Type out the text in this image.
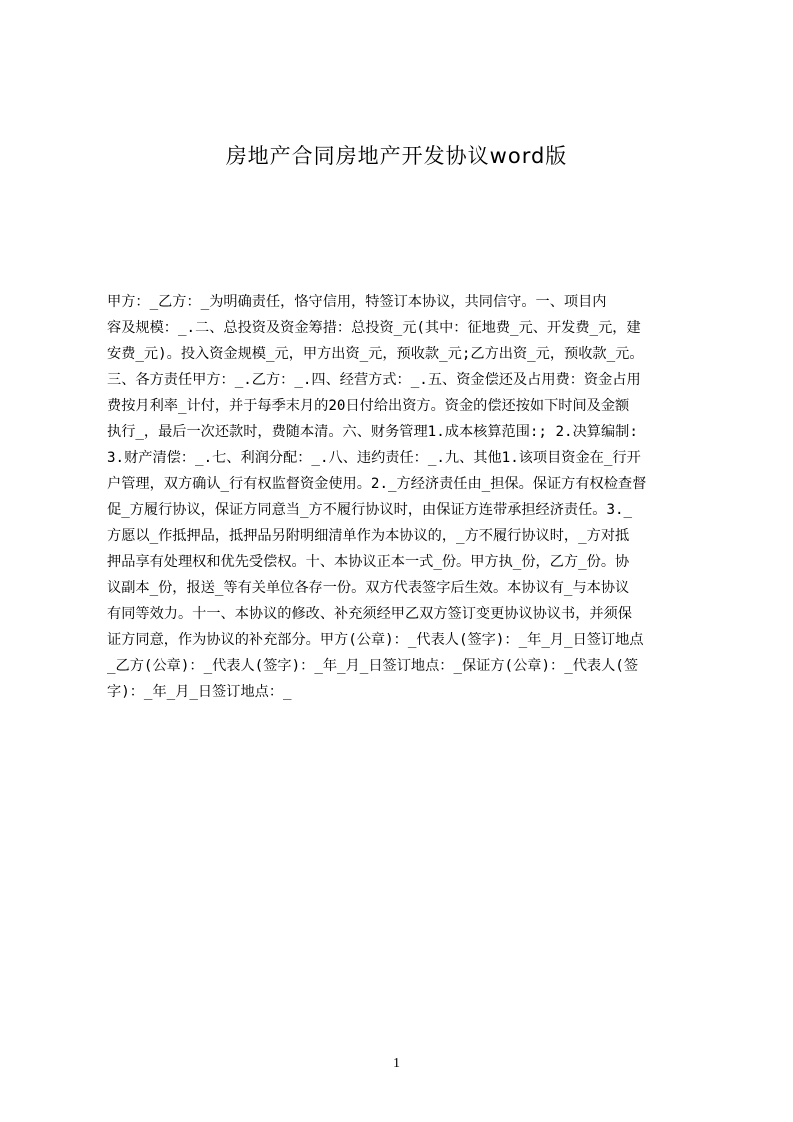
房地产合同房地产开发协议word版
甲方：_乙方：_为明确责任，恪守信用，特签订本协议，共同信守。一、项目内
容及规模：_.二、总投资及资金筹措：总投资_元(其中：征地费_元、开发费_元，建
安费_元)。投入资金规模_元，甲方出资_元，预收款_元;乙方出资_元，预收款_元。
三、各方责任甲方：_.乙方：_.四、经营方式：_.五、资金偿还及占用费：资金占用
费按月利率_计付，并于每季末月的20日付给出资方。资金的偿还按如下时间及金额
执行_，最后一次还款时，费随本清。六、财务管理1.成本核算范围:; 2.决算编制:
3.财产清偿：_.七、利润分配：_.八、违约责任：_.九、其他1.该项目资金在_行开
户管理，双方确认_行有权监督资金使用。2._方经济责任由_担保。保证方有权检查督
促_方履行协议，保证方同意当_方不履行协议时，由保证方连带承担经济责任。3._
方愿以_作抵押品，抵押品另附明细清单作为本协议的，_方不履行协议时，_方对抵
押品享有处理权和优先受偿权。十、本协议正本一式_份。甲方执_份，乙方_份。协
议副本_份，报送_等有关单位各存一份。双方代表签字后生效。本协议有_与本协议
有同等效力。十一、本协议的修改、补充须经甲乙双方签订变更协议协议书，并须保
证方同意，作为协议的补充部分。甲方(公章)：_代表人(签字)：_年_月_日签订地点
_乙方(公章)：_代表人(签字)：_年_月_日签订地点：_保证方(公章)：_代表人(签
字)：_年_月_日签订地点：_
1
